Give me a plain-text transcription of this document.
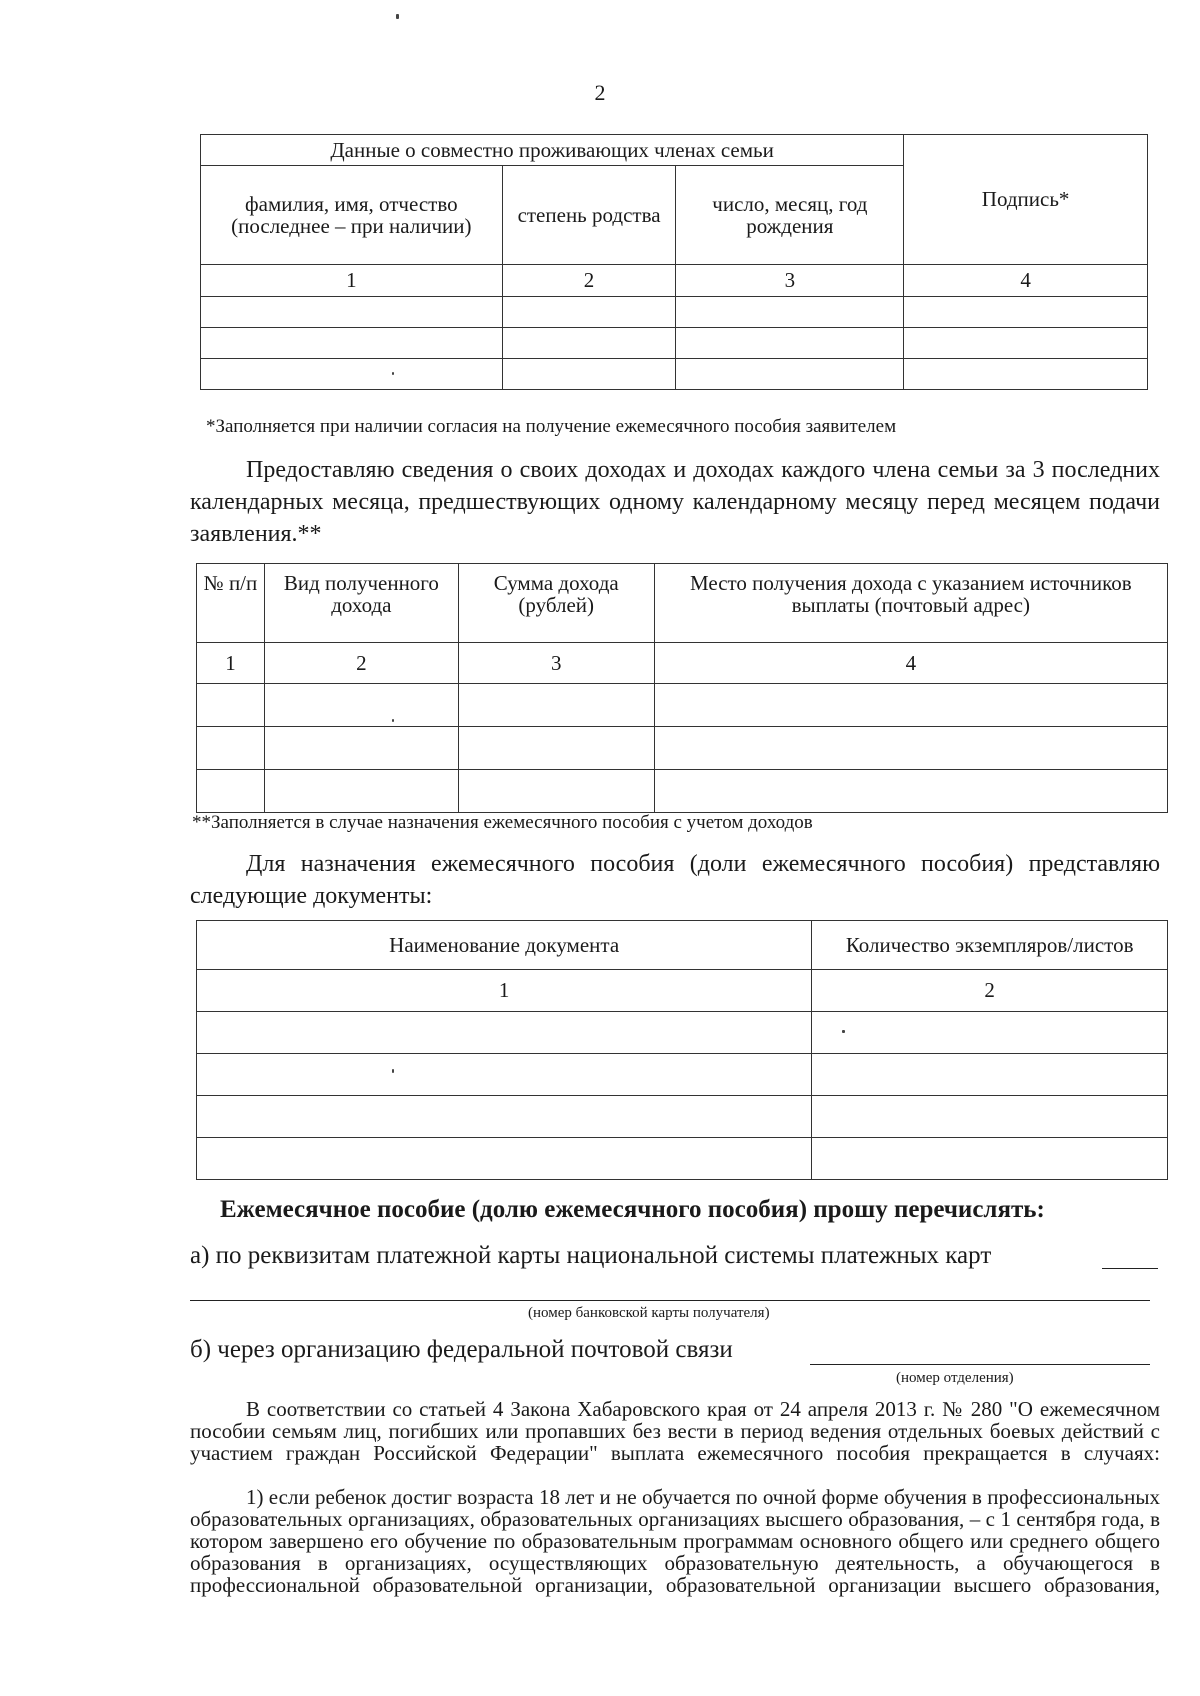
2
Данные о совместно проживающих членах семьи			Подпись*
фамилия, имя, отчество (последнее – при наличии)	степень родства	число, месяц, год рождения	
1	2	3	4

*Заполняется при наличии согласия на получение ежемесячного пособия заявителем
Предоставляю сведения о своих доходах и доходах каждого члена семьи за 3 последних календарных месяца, предшествующих одному календарному месяцу перед месяцем подачи заявления.**
№ п/п	Вид полученного дохода	Сумма дохода (рублей)	Место получения дохода с указанием источников выплаты (почтовый адрес)
1	2	3	4

**Заполняется в случае назначения ежемесячного пособия с учетом доходов
Для назначения ежемесячного пособия (доли ежемесячного пособия) представляю следующие документы:
Наименование документа	Количество экземпляров/листов
1	2

Ежемесячное пособие (долю ежемесячного пособия) прошу перечислять:
а) по реквизитам платежной карты национальной системы платежных карт
(номер банковской карты получателя)
б) через организацию федеральной почтовой связи
(номер отделения)
В соответствии со статьей 4 Закона Хабаровского края от 24 апреля 2013 г. № 280 "О ежемесячном пособии семьям лиц, погибших или пропавших без вести в период ведения отдельных боевых действий с участием граждан Российской Федерации" выплата ежемесячного пособия прекращается в случаях:
1) если ребенок достиг возраста 18 лет и не обучается по очной форме обучения в профессиональных образовательных организациях, образовательных организациях высшего образования, – с 1 сентября года, в котором завершено его обучение по образовательным программам основного общего или среднего общего образования в организациях, осуществляющих образовательную деятельность, а обучающегося в профессиональной образовательной организации, образовательной организации высшего образования,
